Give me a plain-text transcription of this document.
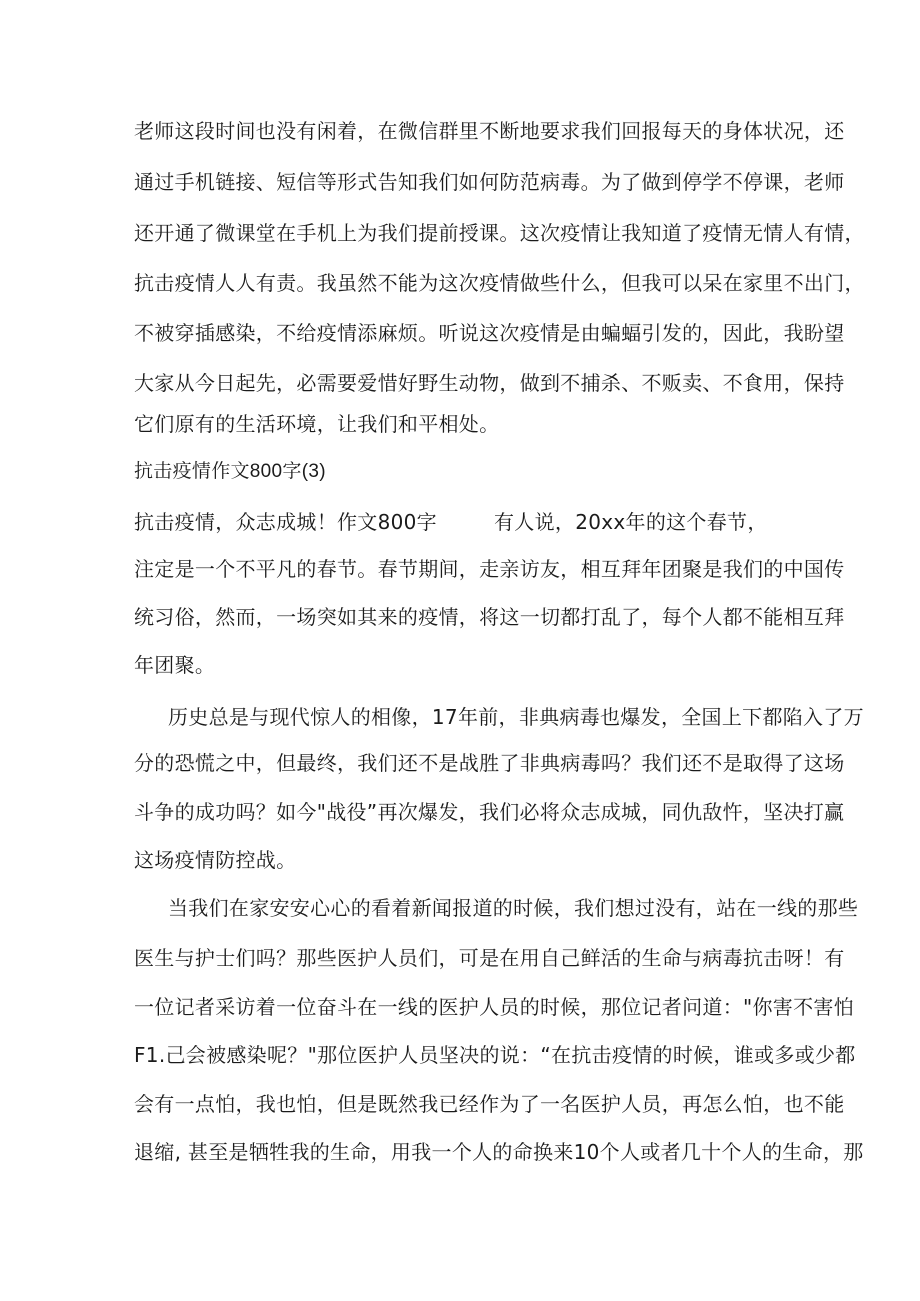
老师这段时间也没有闲着，在微信群里不断地要求我们回报每天的身体状况，还
通过手机链接、短信等形式告知我们如何防范病毒。为了做到停学不停课，老师
还开通了微课堂在手机上为我们提前授课。这次疫情让我知道了疫情无情人有情，
抗击疫情人人有责。我虽然不能为这次疫情做些什么，但我可以呆在家里不出门，
不被穿插感染，不给疫情添麻烦。听说这次疫情是由蝙蝠引发的，因此，我盼望
大家从今日起先，必需要爱惜好野生动物，做到不捕杀、不贩卖、不食用，保持
它们原有的生活环境，让我们和平相处。
抗击疫情作文800字(3)
抗击疫情，众志成城！作文800字	有人说，20xx年的这个春节，
注定是一个不平凡的春节。春节期间，走亲访友，相互拜年团聚是我们的中国传
统习俗，然而，一场突如其来的疫情，将这一切都打乱了，每个人都不能相互拜
年团聚。
历史总是与现代惊人的相像，17年前，非典病毒也爆发，全国上下都陷入了万
分的恐慌之中，但最终，我们还不是战胜了非典病毒吗？我们还不是取得了这场
斗争的成功吗？如今"战役”再次爆发，我们必将众志成城，同仇敌忤，坚决打赢
这场疫情防控战。
当我们在家安安心心的看着新闻报道的时候，我们想过没有，站在一线的那些
医生与护士们吗？那些医护人员们，可是在用自己鲜活的生命与病毒抗击呀！有
一位记者采访着一位奋斗在一线的医护人员的时候，那位记者问道："你害不害怕
F1.己会被感染呢？"那位医护人员坚决的说：“在抗击疫情的时候，谁或多或少都
会有一点怕，我也怕，但是既然我已经作为了一名医护人员，再怎么怕，也不能
退缩, 甚至是牺牲我的生命，用我一个人的命换来10个人或者几十个人的生命，那
